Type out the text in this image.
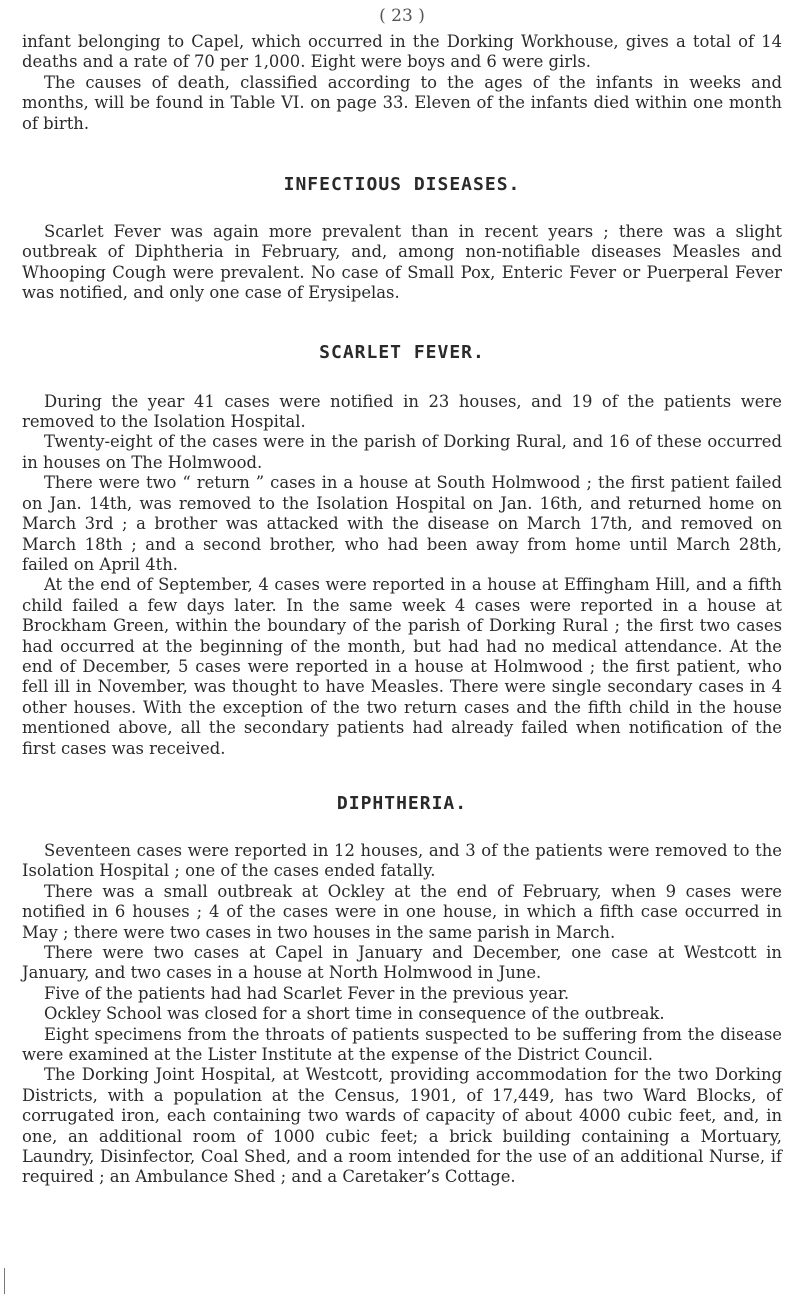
( 23 )

infant belonging to Capel, which occurred in the Dorking Workhouse, gives a total of 14 deaths and a rate of 70 per 1,000. Eight were boys and 6 were girls.

The causes of death, classified according to the ages of the infants in weeks and months, will be found in Table VI. on page 33. Eleven of the infants died within one month of birth.

INFECTIOUS DISEASES.

Scarlet Fever was again more prevalent than in recent years ; there was a slight outbreak of Diphtheria in February, and, among non-notifiable diseases Measles and Whooping Cough were prevalent. No case of Small Pox, Enteric Fever or Puerperal Fever was notified, and only one case of Erysipelas.

SCARLET FEVER.

During the year 41 cases were notified in 23 houses, and 19 of the patients were removed to the Isolation Hospital.

Twenty-eight of the cases were in the parish of Dorking Rural, and 16 of these occurred in houses on The Holmwood.

There were two “ return ” cases in a house at South Holmwood ; the first patient failed on Jan. 14th, was removed to the Isolation Hospital on Jan. 16th, and returned home on March 3rd ; a brother was attacked with the disease on March 17th, and removed on March 18th ; and a second brother, who had been away from home until March 28th, failed on April 4th.

At the end of September, 4 cases were reported in a house at Effingham Hill, and a fifth child failed a few days later. In the same week 4 cases were reported in a house at Brockham Green, within the boundary of the parish of Dorking Rural ; the first two cases had occurred at the beginning of the month, but had had no medical attendance. At the end of December, 5 cases were reported in a house at Holmwood ; the first patient, who fell ill in November, was thought to have Measles. There were single secondary cases in 4 other houses. With the exception of the two return cases and the fifth child in the house mentioned above, all the secondary patients had already failed when notification of the first cases was received.

DIPHTHERIA.

Seventeen cases were reported in 12 houses, and 3 of the patients were removed to the Isolation Hospital ; one of the cases ended fatally.

There was a small outbreak at Ockley at the end of February, when 9 cases were notified in 6 houses ; 4 of the cases were in one house, in which a fifth case occurred in May ; there were two cases in two houses in the same parish in March.

There were two cases at Capel in January and December, one case at Westcott in January, and two cases in a house at North Holmwood in June.

Five of the patients had had Scarlet Fever in the previous year.

Ockley School was closed for a short time in consequence of the outbreak.

Eight specimens from the throats of patients suspected to be suffering from the disease were examined at the Lister Institute at the expense of the District Council.

The Dorking Joint Hospital, at Westcott, providing accommodation for the two Dorking Districts, with a population at the Census, 1901, of 17,449, has two Ward Blocks, of corrugated iron, each containing two wards of capacity of about 4000 cubic feet, and, in one, an additional room of 1000 cubic feet; a brick building containing a Mortuary, Laundry, Disinfector, Coal Shed, and a room intended for the use of an additional Nurse, if required ; an Ambulance Shed ; and a Caretaker’s Cottage.
